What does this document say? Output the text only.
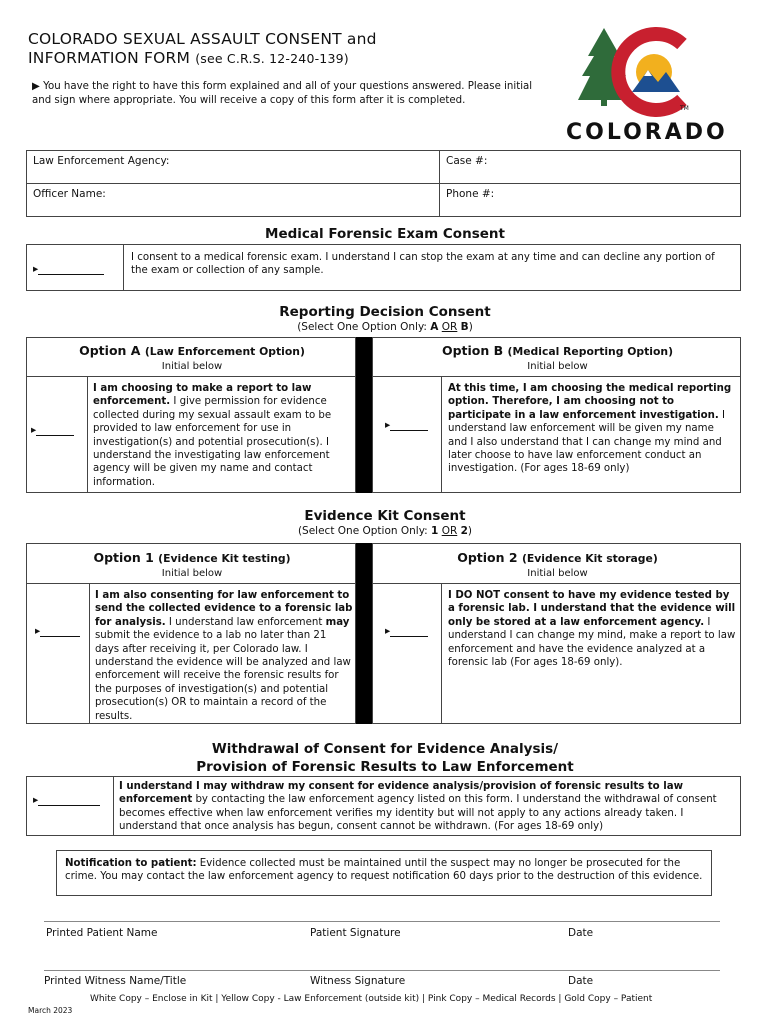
COLORADO SEXUAL ASSAULT CONSENT and
INFORMATION FORM (see C.R.S. 12-240-139)
▶ You have the right to have this form explained and all of your questions answered. Please initial and sign where appropriate. You will receive a copy of this form after it is completed.
TM
COLORADO
Law Enforcement Agency:	Case #:
Officer Name:	Phone #:
Medical Forensic Exam Consent
▸
I consent to a medical forensic exam. I understand I can stop the exam at any time and can decline any portion of the exam or collection of any sample.
Reporting Decision Consent
(Select One Option Only: A OR B)
Option A (Law Enforcement Option)
Initial below
▸
I am choosing to make a report to law enforcement. I give permission for evidence collected during my sexual assault exam to be provided to law enforcement for use in investigation(s) and potential prosecution(s). I understand the investigating law enforcement agency will be given my name and contact information.
Option B (Medical Reporting Option)
Initial below
▸
At this time, I am choosing the medical reporting option. Therefore, I am choosing not to participate in a law enforcement investigation. I understand law enforcement will be given my name and I also understand that I can change my mind and later choose to have law enforcement conduct an investigation. (For ages 18-69 only)
Evidence Kit Consent
(Select One Option Only: 1 OR 2)
Option 1 (Evidence Kit testing)
Initial below
▸
I am also consenting for law enforcement to send the collected evidence to a forensic lab for analysis. I understand law enforcement may submit the evidence to a lab no later than 21 days after receiving it, per Colorado law. I understand the evidence will be analyzed and law enforcement will receive the forensic results for the purposes of investigation(s) and potential prosecution(s) OR to maintain a record of the results.
Option 2 (Evidence Kit storage)
Initial below
▸
I DO NOT consent to have my evidence tested by a forensic lab. I understand that the evidence will only be stored at a law enforcement agency. I understand I can change my mind, make a report to law enforcement and have the evidence analyzed at a forensic lab (For ages 18-69 only).
Withdrawal of Consent for Evidence Analysis/
Provision of Forensic Results to Law Enforcement
▸
I understand I may withdraw my consent for evidence analysis/provision of forensic results to law enforcement by contacting the law enforcement agency listed on this form. I understand the withdrawal of consent becomes effective when law enforcement verifies my identity but will not apply to any actions already taken. I understand that once analysis has begun, consent cannot be withdrawn. (For ages 18-69 only)
Notification to patient: Evidence collected must be maintained until the suspect may no longer be prosecuted for the crime. You may contact the law enforcement agency to request notification 60 days prior to the destruction of this evidence.
Printed Patient Name	Patient Signature	Date
Printed Witness Name/Title	Witness Signature	Date
White Copy – Enclose in Kit | Yellow Copy - Law Enforcement (outside kit) | Pink Copy – Medical Records | Gold Copy – Patient
March 2023
